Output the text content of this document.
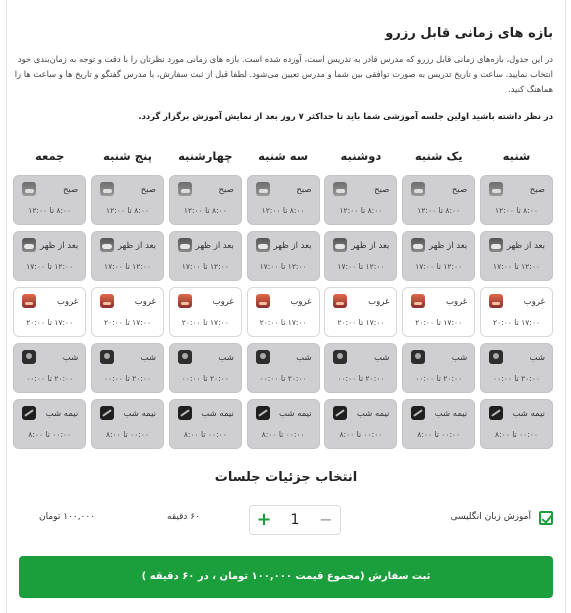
بازه های زمانی قابل رزرو
در این جدول، بازه‌های زمانی قابل رزرو که مدرس قادر به تدریس است، آورده شده است. بازه های زمانی مورد نظرتان را با دقت و توجه به زمان‌بندی خود انتخاب نمایید. ساعت و تاریخ تدریس به صورت توافقی بین شما و مدرس تعیین می‌شود. لطفا قبل از ثبت سفارش، با مدرس گفتگو و تاریخ ها و ساعت ها را هماهنگ کنید.
در نظر داشته باشید اولین جلسه آموزشی شما باید تا حداکثر ۷ روز بعد از نمایش آموزش برگزار گردد.
شنبه
یک شنبه
دوشنبه
سه شنبه
چهارشنبه
پنج شنبه
جمعه
صبح
۸:۰۰ تا ۱۲:۰۰
صبح
۸:۰۰ تا ۱۲:۰۰
صبح
۸:۰۰ تا ۱۲:۰۰
صبح
۸:۰۰ تا ۱۲:۰۰
صبح
۸:۰۰ تا ۱۲:۰۰
صبح
۸:۰۰ تا ۱۲:۰۰
صبح
۸:۰۰ تا ۱۲:۰۰
بعد از ظهر
۱۲:۰۰ تا ۱۷:۰۰
بعد از ظهر
۱۲:۰۰ تا ۱۷:۰۰
بعد از ظهر
۱۲:۰۰ تا ۱۷:۰۰
بعد از ظهر
۱۲:۰۰ تا ۱۷:۰۰
بعد از ظهر
۱۲:۰۰ تا ۱۷:۰۰
بعد از ظهر
۱۲:۰۰ تا ۱۷:۰۰
بعد از ظهر
۱۲:۰۰ تا ۱۷:۰۰
غروب
۱۷:۰۰ تا ۲۰:۰۰
غروب
۱۷:۰۰ تا ۲۰:۰۰
غروب
۱۷:۰۰ تا ۲۰:۰۰
غروب
۱۷:۰۰ تا ۲۰:۰۰
غروب
۱۷:۰۰ تا ۲۰:۰۰
غروب
۱۷:۰۰ تا ۲۰:۰۰
غروب
۱۷:۰۰ تا ۲۰:۰۰
شب
۲۰:۰۰ تا ۰۰:۰۰
شب
۲۰:۰۰ تا ۰۰:۰۰
شب
۲۰:۰۰ تا ۰۰:۰۰
شب
۲۰:۰۰ تا ۰۰:۰۰
شب
۲۰:۰۰ تا ۰۰:۰۰
شب
۲۰:۰۰ تا ۰۰:۰۰
شب
۲۰:۰۰ تا ۰۰:۰۰
نیمه شب
۰۰:۰۰ تا ۸:۰۰
نیمه شب
۰۰:۰۰ تا ۸:۰۰
نیمه شب
۰۰:۰۰ تا ۸:۰۰
نیمه شب
۰۰:۰۰ تا ۸:۰۰
نیمه شب
۰۰:۰۰ تا ۸:۰۰
نیمه شب
۰۰:۰۰ تا ۸:۰۰
نیمه شب
۰۰:۰۰ تا ۸:۰۰
انتخاب جزئیات جلسات
آموزش زبان انگلیسی
+	1	−
۶۰ دقیقه
۱۰۰,۰۰۰ تومان
ثبت سفارش (مجموع قیمت ۱۰۰,۰۰۰ تومان ، در ۶۰ دقیقه )
